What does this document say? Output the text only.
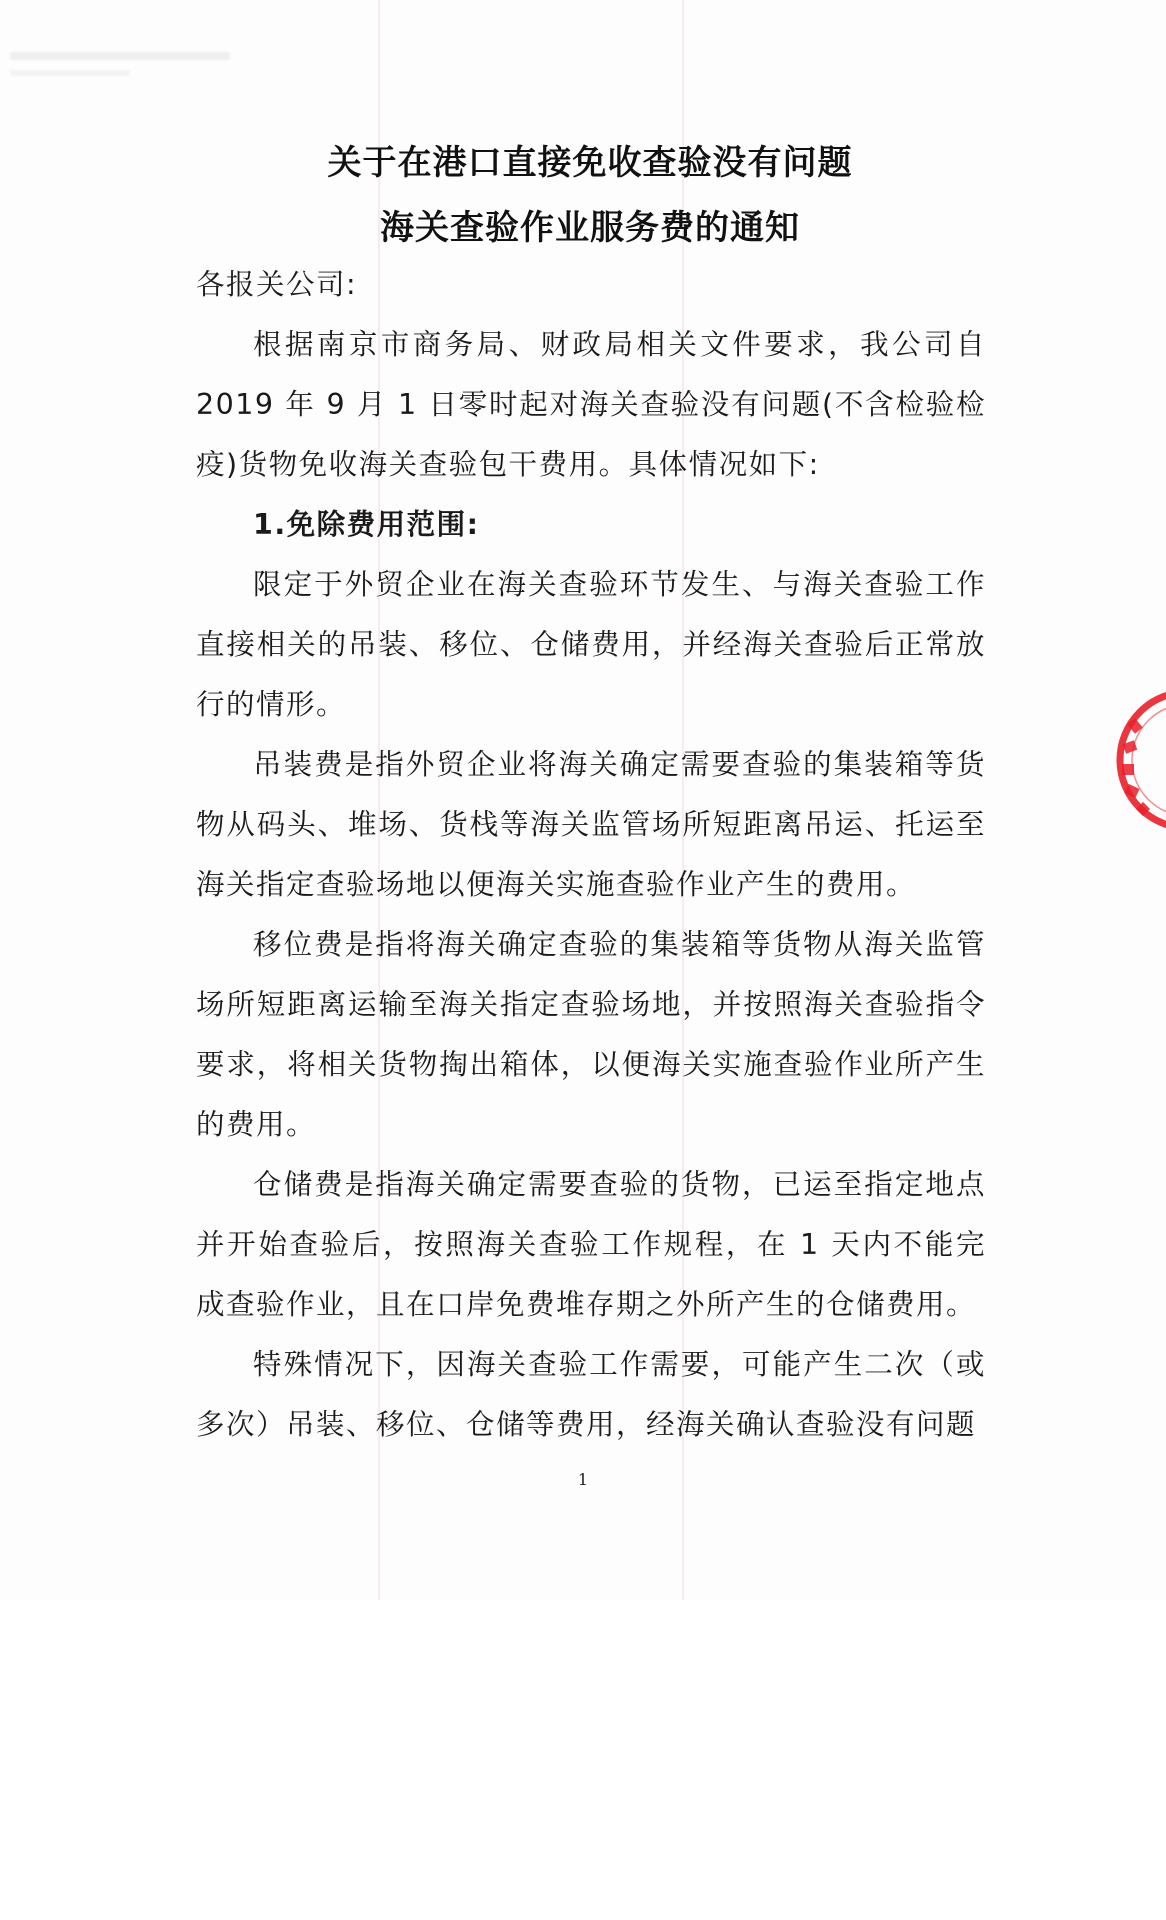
关于在港口直接免收查验没有问题
海关查验作业服务费的通知

各报关公司:

根据南京市商务局、财政局相关文件要求，我公司自 2019 年 9 月 1 日零时起对海关查验没有问题(不含检验检疫)货物免收海关查验包干费用。具体情况如下:

1.免除费用范围:

限定于外贸企业在海关查验环节发生、与海关查验工作直接相关的吊装、移位、仓储费用，并经海关查验后正常放行的情形。

吊装费是指外贸企业将海关确定需要查验的集装箱等货物从码头、堆场、货栈等海关监管场所短距离吊运、托运至海关指定查验场地以便海关实施查验作业产生的费用。

移位费是指将海关确定查验的集装箱等货物从海关监管场所短距离运输至海关指定查验场地，并按照海关查验指令要求，将相关货物掏出箱体，以便海关实施查验作业所产生的费用。

仓储费是指海关确定需要查验的货物，已运至指定地点并开始查验后，按照海关查验工作规程，在 1 天内不能完成查验作业，且在口岸免费堆存期之外所产生的仓储费用。

特殊情况下，因海关查验工作需要，可能产生二次（或多次）吊装、移位、仓储等费用，经海关确认查验没有问题

1
